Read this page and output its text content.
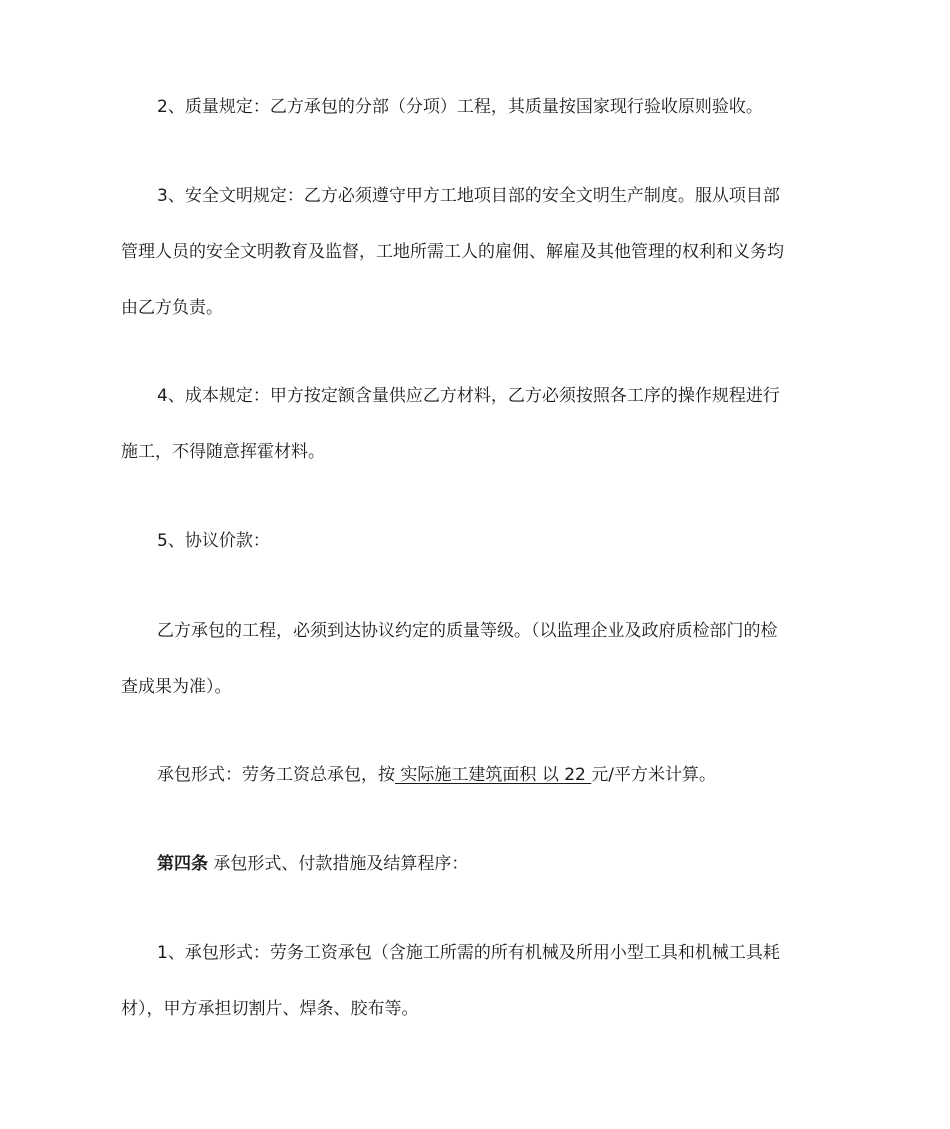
2、质量规定：乙方承包的分部（分项）工程，其质量按国家现行验收原则验收。
3、安全文明规定：乙方必须遵守甲方工地项目部的安全文明生产制度。服从项目部
管理人员的安全文明教育及监督，工地所需工人的雇佣、解雇及其他管理的权利和义务均
由乙方负责。
4、成本规定：甲方按定额含量供应乙方材料，乙方必须按照各工序的操作规程进行
施工，不得随意挥霍材料。
5、协议价款：
乙方承包的工程，必须到达协议约定的质量等级。（以监理企业及政府质检部门的检
查成果为准）。
承包形式：劳务工资总承包，按 实际施工建筑面积 以 22 元/平方米计算。
第四条 承包形式、付款措施及结算程序：
1、承包形式：劳务工资承包（含施工所需的所有机械及所用小型工具和机械工具耗
材），甲方承担切割片、焊条、胶布等。
